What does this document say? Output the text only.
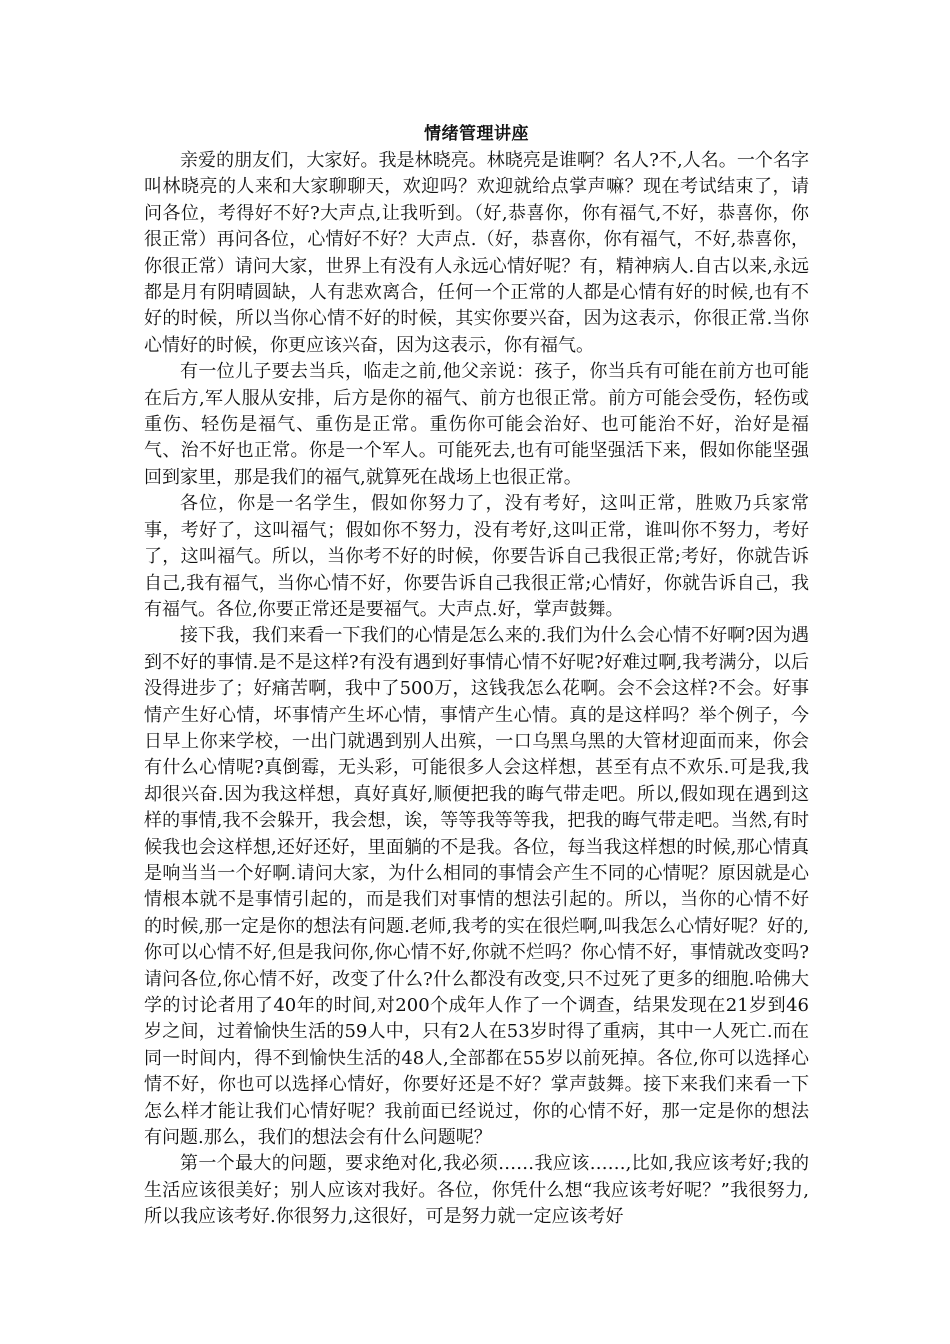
情绪管理讲座

亲爱的朋友们，大家好。我是林晓亮。林晓亮是谁啊？名人?不,人名。一个名字叫林晓亮的人来和大家聊聊天，欢迎吗？欢迎就给点掌声嘛？现在考试结束了，请问各位，考得好不好?大声点,让我听到。（好,恭喜你，你有福气,不好，恭喜你，你很正常）再问各位，心情好不好？大声点.（好，恭喜你，你有福气，不好,恭喜你，你很正常）请问大家，世界上有没有人永远心情好呢？有，精神病人.自古以来,永远都是月有阴晴圆缺，人有悲欢离合，任何一个正常的人都是心情有好的时候,也有不好的时候，所以当你心情不好的时候，其实你要兴奋，因为这表示，你很正常.当你心情好的时候，你更应该兴奋，因为这表示，你有福气。

有一位儿子要去当兵，临走之前,他父亲说：孩子，你当兵有可能在前方也可能在后方,军人服从安排，后方是你的福气、前方也很正常。前方可能会受伤，轻伤或重伤、轻伤是福气、重伤是正常。重伤你可能会治好、也可能治不好，治好是福气、治不好也正常。你是一个军人。可能死去,也有可能坚强活下来，假如你能坚强回到家里，那是我们的福气,就算死在战场上也很正常。

各位，你是一名学生，假如你努力了，没有考好，这叫正常，胜败乃兵家常事，考好了，这叫福气；假如你不努力，没有考好,这叫正常，谁叫你不努力，考好了，这叫福气。所以，当你考不好的时候，你要告诉自己我很正常;考好，你就告诉自己,我有福气，当你心情不好，你要告诉自己我很正常;心情好，你就告诉自己，我有福气。各位,你要正常还是要福气。大声点.好，掌声鼓舞。

接下我，我们来看一下我们的心情是怎么来的.我们为什么会心情不好啊?因为遇到不好的事情.是不是这样?有没有遇到好事情心情不好呢?好难过啊,我考满分，以后没得进步了；好痛苦啊，我中了500万，这钱我怎么花啊。会不会这样?不会。好事情产生好心情，坏事情产生坏心情，事情产生心情。真的是这样吗？举个例子，今日早上你来学校，一出门就遇到别人出殡，一口乌黑乌黑的大管材迎面而来，你会有什么心情呢?真倒霉，无头彩，可能很多人会这样想，甚至有点不欢乐.可是我,我却很兴奋.因为我这样想，真好真好,顺便把我的晦气带走吧。所以,假如现在遇到这样的事情,我不会躲开，我会想，诶，等等我等等我，把我的晦气带走吧。当然,有时候我也会这样想,还好还好，里面躺的不是我。各位，每当我这样想的时候,那心情真是响当当一个好啊.请问大家，为什么相同的事情会产生不同的心情呢？原因就是心情根本就不是事情引起的，而是我们对事情的想法引起的。所以，当你的心情不好的时候,那一定是你的想法有问题.老师,我考的实在很烂啊,叫我怎么心情好呢？好的,你可以心情不好,但是我问你,你心情不好,你就不烂吗？你心情不好，事情就改变吗?请问各位,你心情不好，改变了什么?什么都没有改变,只不过死了更多的细胞.哈佛大学的讨论者用了40年的时间,对200个成年人作了一个调查，结果发现在21岁到46岁之间，过着愉快生活的59人中，只有2人在53岁时得了重病，其中一人死亡.而在同一时间内，得不到愉快生活的48人,全部都在55岁以前死掉。各位,你可以选择心情不好，你也可以选择心情好，你要好还是不好？掌声鼓舞。接下来我们来看一下怎么样才能让我们心情好呢？我前面已经说过，你的心情不好，那一定是你的想法有问题.那么，我们的想法会有什么问题呢？

第一个最大的问题，要求绝对化,我必须……我应该……,比如,我应该考好;我的生活应该很美好；别人应该对我好。各位，你凭什么想“我应该考好呢？”我很努力,所以我应该考好.你很努力,这很好，可是努力就一定应该考好
